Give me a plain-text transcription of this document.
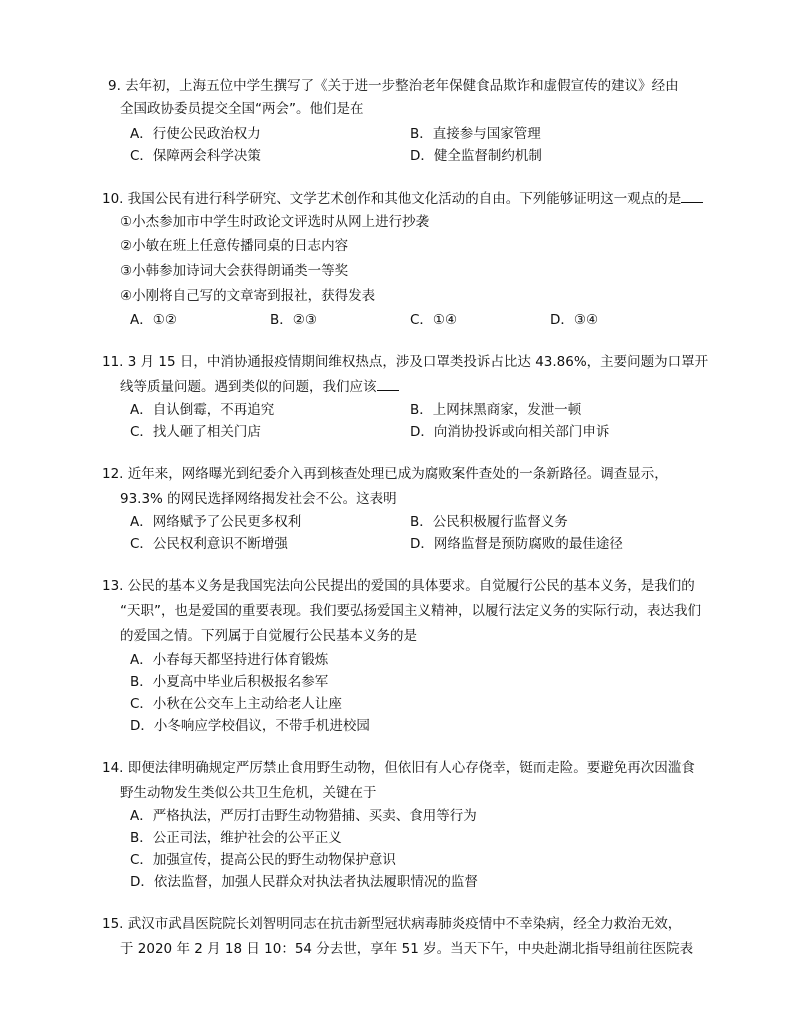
9. 去年初，上海五位中学生撰写了《关于进一步整治老年保健食品欺诈和虚假宣传的建议》经由
全国政协委员提交全国“两会”。他们是在
A．行使公民政治权力	B．直接参与国家管理
C．保障两会科学决策	D．健全监督制约机制
10. 我国公民有进行科学研究、文学艺术创作和其他文化活动的自由。下列能够证明这一观点的是
①小杰参加市中学生时政论文评选时从网上进行抄袭
②小敏在班上任意传播同桌的日志内容
③小韩参加诗词大会获得朗诵类一等奖
④小刚将自己写的文章寄到报社，获得发表
A．①②	B．②③	C．①④	D．③④
11. 3 月 15 日，中消协通报疫情期间维权热点，涉及口罩类投诉占比达 43.86%，主要问题为口罩开
线等质量问题。遇到类似的问题，我们应该
A．自认倒霉，不再追究	B．上网抹黑商家，发泄一顿
C．找人砸了相关门店	D．向消协投诉或向相关部门申诉
12. 近年来，网络曝光到纪委介入再到核查处理已成为腐败案件查处的一条新路径。调查显示，
93.3% 的网民选择网络揭发社会不公。这表明
A．网络赋予了公民更多权利	B．公民积极履行监督义务
C．公民权利意识不断增强	D．网络监督是预防腐败的最佳途径
13. 公民的基本义务是我国宪法向公民提出的爱国的具体要求。自觉履行公民的基本义务，是我们的
“天职”，也是爱国的重要表现。我们要弘扬爱国主义精神，以履行法定义务的实际行动，表达我们
的爱国之情。下列属于自觉履行公民基本义务的是
A．小春每天都坚持进行体育锻炼
B．小夏高中毕业后积极报名参军
C．小秋在公交车上主动给老人让座
D．小冬响应学校倡议，不带手机进校园
14. 即便法律明确规定严厉禁止食用野生动物，但依旧有人心存侥幸，铤而走险。要避免再次因滥食
野生动物发生类似公共卫生危机，关键在于
A．严格执法，严厉打击野生动物猎捕、买卖、食用等行为
B．公正司法，维护社会的公平正义
C．加强宣传，提高公民的野生动物保护意识
D．依法监督，加强人民群众对执法者执法履职情况的监督
15. 武汉市武昌医院院长刘智明同志在抗击新型冠状病毒肺炎疫情中不幸染病，经全力救治无效，
于 2020 年 2 月 18 日 10：54 分去世，享年 51 岁。当天下午，中央赴湖北指导组前往医院表
